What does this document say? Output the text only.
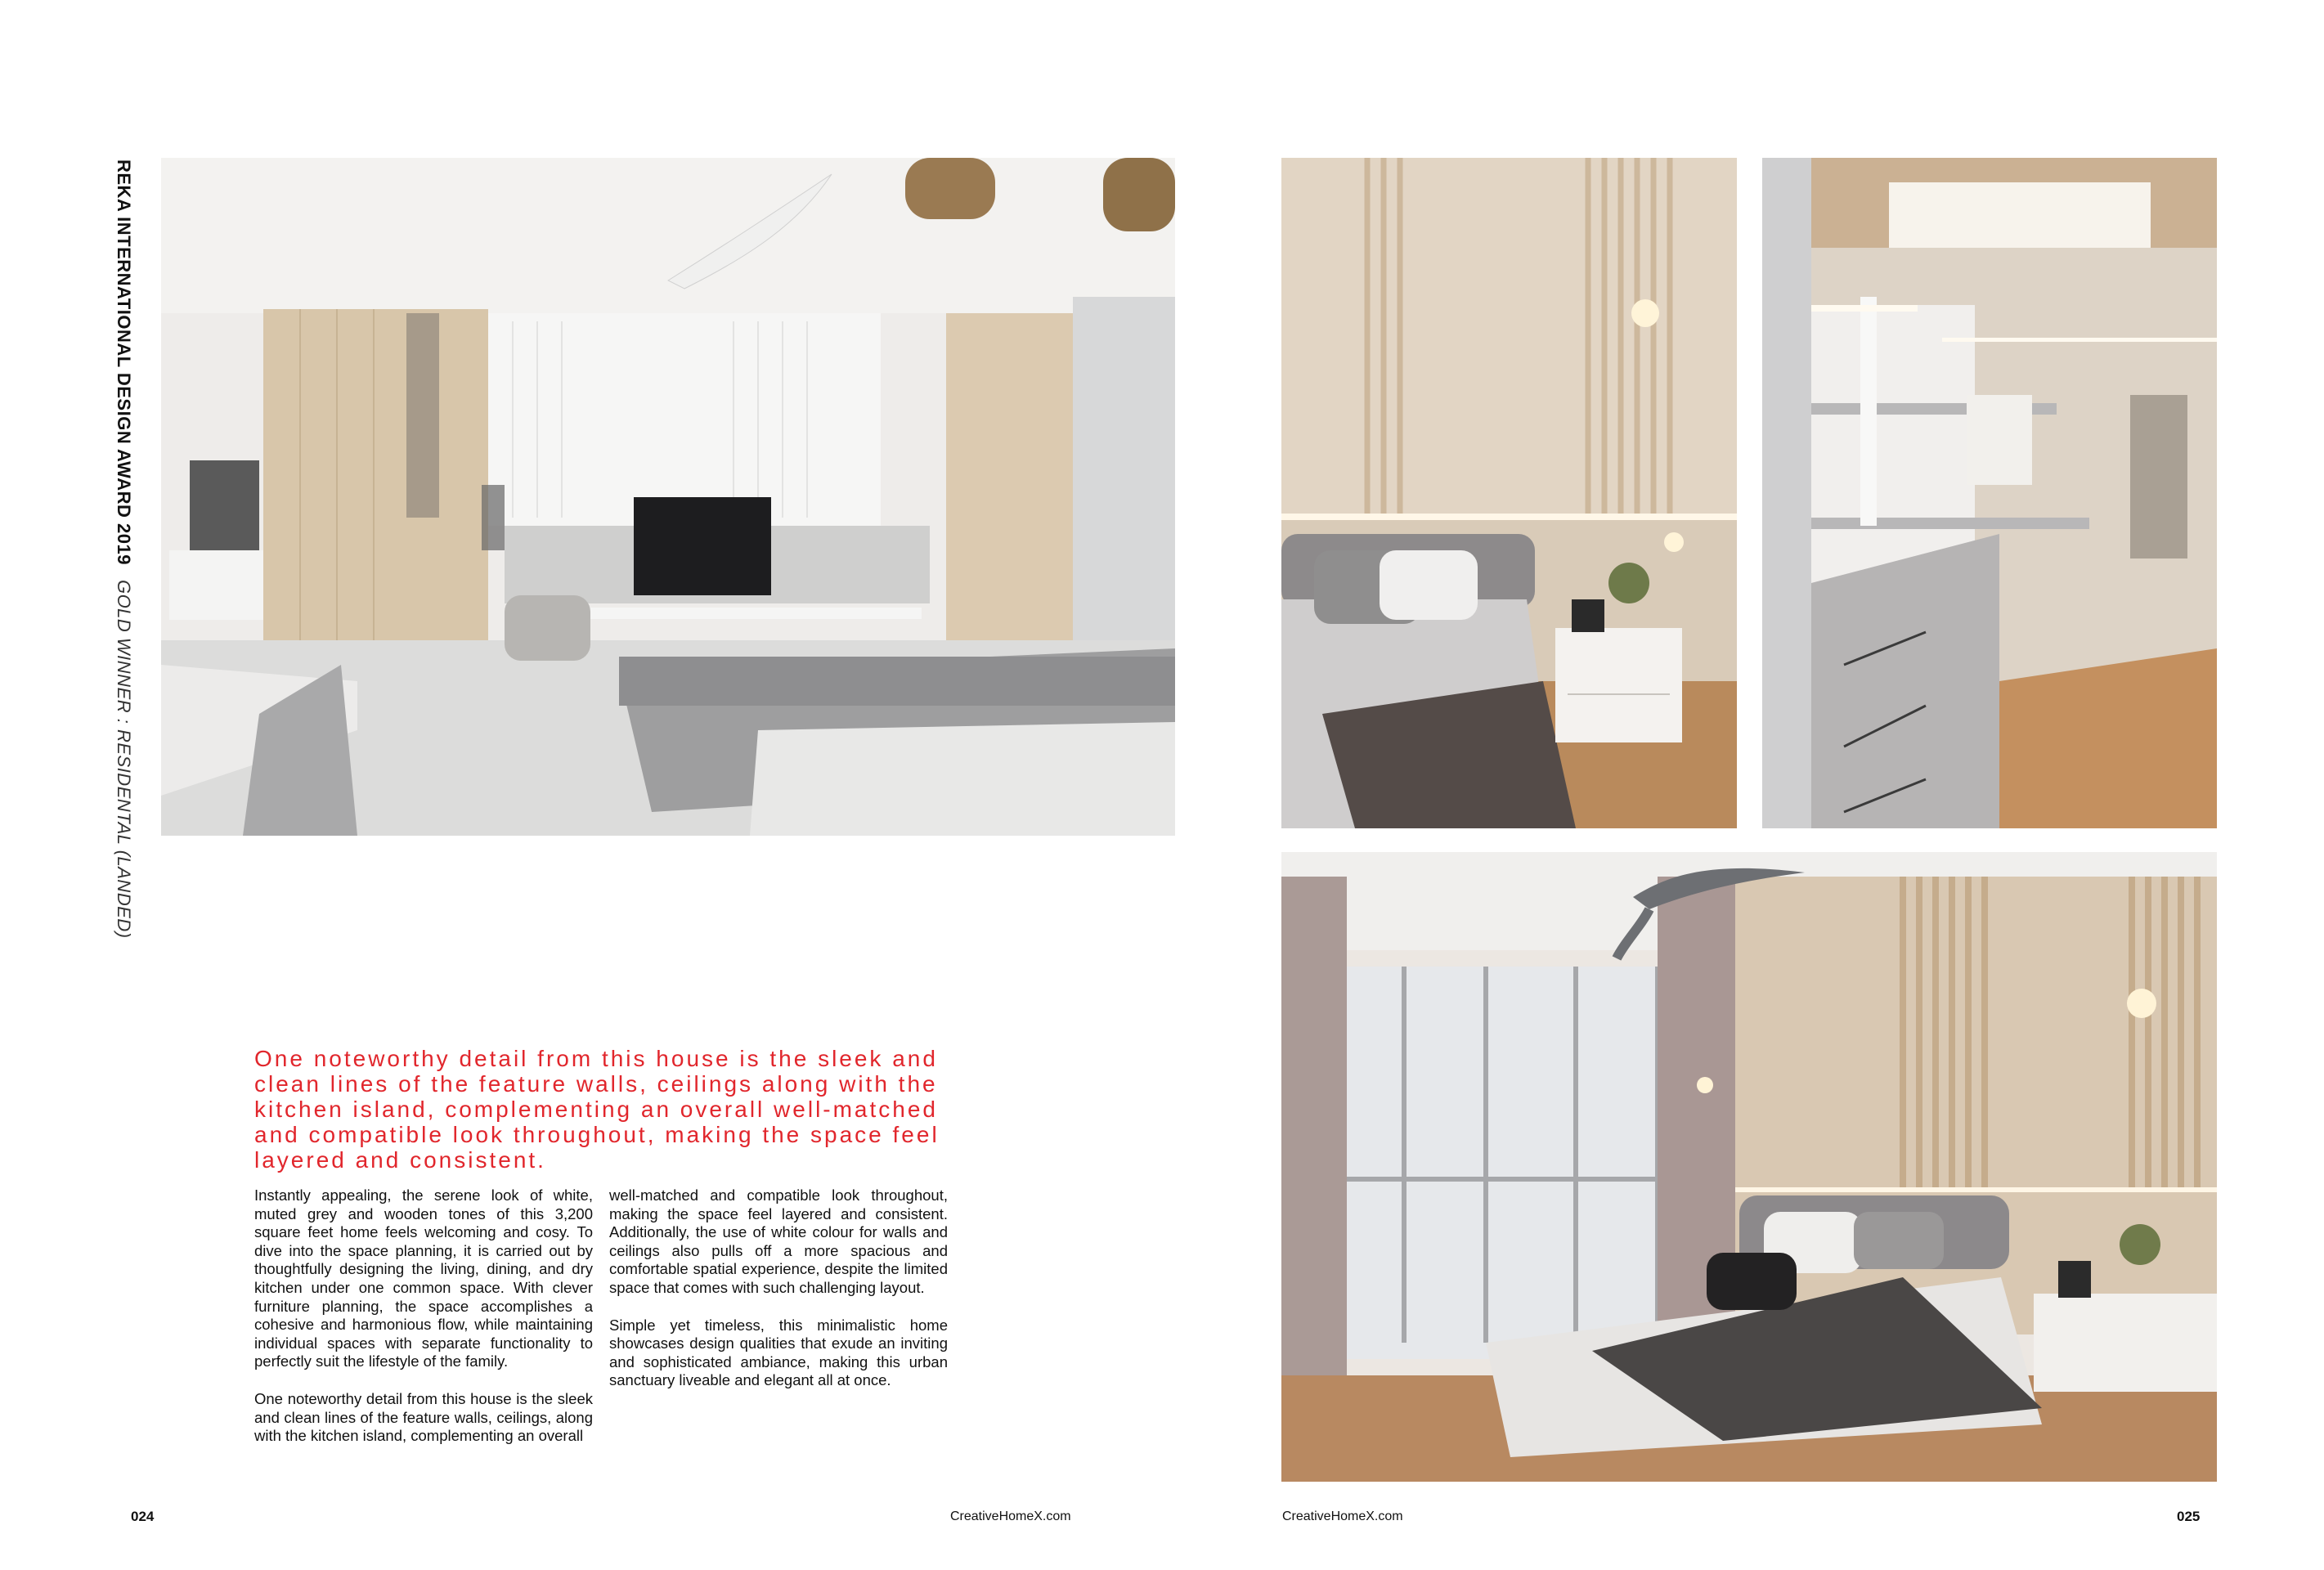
REKA INTERNATIONAL DESIGN AWARD 2019GOLD WINNER : RESIDENTAL (LANDED)
One noteworthy detail from this house is the sleek and clean lines of the feature walls, ceilings along with the kitchen island, complementing an overall well-matched and compatible look throughout, making the space feel layered and consistent.

Instantly appealing, the serene look of white, muted grey and wooden tones of this 3,200 square feet home feels welcoming and cosy. To dive into the space planning, it is carried out by thoughtfully designing the living, dining, and dry kitchen under one common space. With clever furniture planning, the space accomplishes a cohesive and harmonious flow, while maintaining individual spaces with separate functionality to perfectly suit the lifestyle of the family.

One noteworthy detail from this house is the sleek and clean lines of the feature walls, ceilings, along with the kitchen island, complementing an overall

well-matched and compatible look throughout, making the space feel layered and consistent. Additionally, the use of white colour for walls and ceilings also pulls off a more spacious and comfortable spatial experience, despite the limited space that comes with such challenging layout.

Simple yet timeless, this minimalistic home showcases design qualities that exude an inviting and sophisticated ambiance, making this urban sanctuary liveable and elegant all at once.

024	CreativeHomeX.com	CreativeHomeX.com	025
